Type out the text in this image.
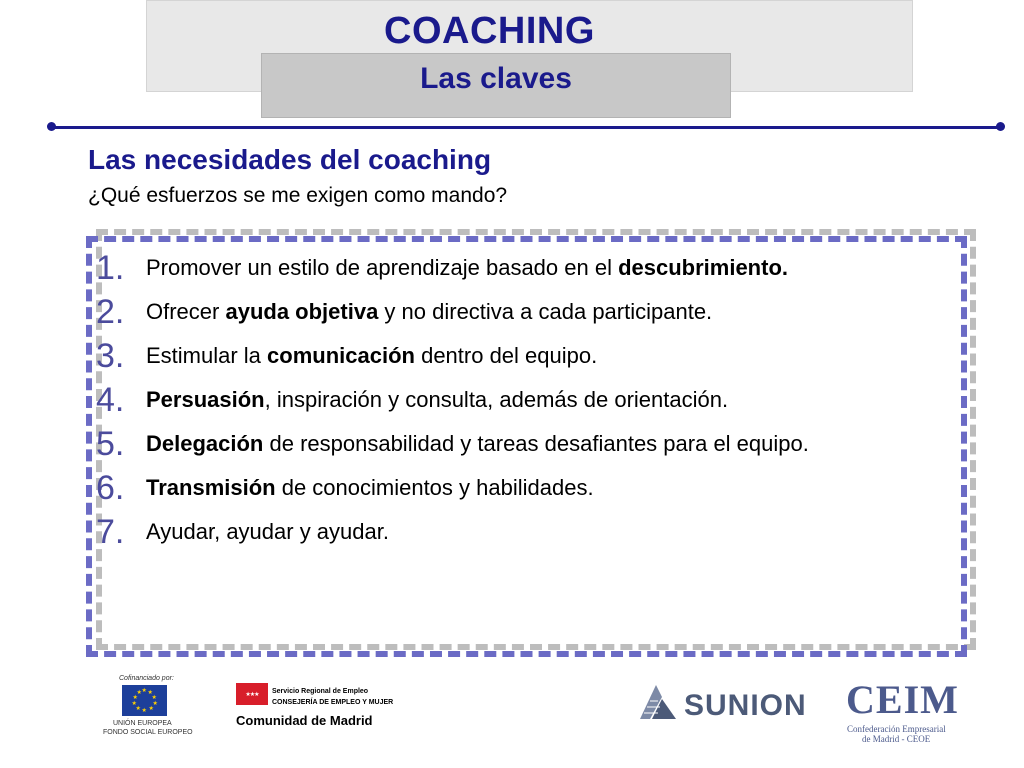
COACHING
Las claves
Las necesidades del coaching
¿Qué esfuerzos se me exigen como mando?
1. Promover un estilo de aprendizaje basado en el descubrimiento.
2. Ofrecer ayuda objetiva y no directiva a cada participante.
3. Estimular la comunicación dentro del equipo.
4. Persuasión, inspiración y consulta, además de orientación.
5. Delegación de responsabilidad y tareas desafiantes para el equipo.
6. Transmisión de conocimientos y habilidades.
7. Ayudar, ayudar y ayudar.
Cofinanciado por:
★ ★
★
★
★
★
★
★
★
★
UNIÓN EUROPEA
FONDO SOCIAL EUROPEO
★★★	Servicio Regional de Empleo
CONSEJERÍA DE EMPLEO Y MUJER
Comunidad de Madrid	SUNION CEIM
Confederación Empresarial
de Madrid - CEOE
